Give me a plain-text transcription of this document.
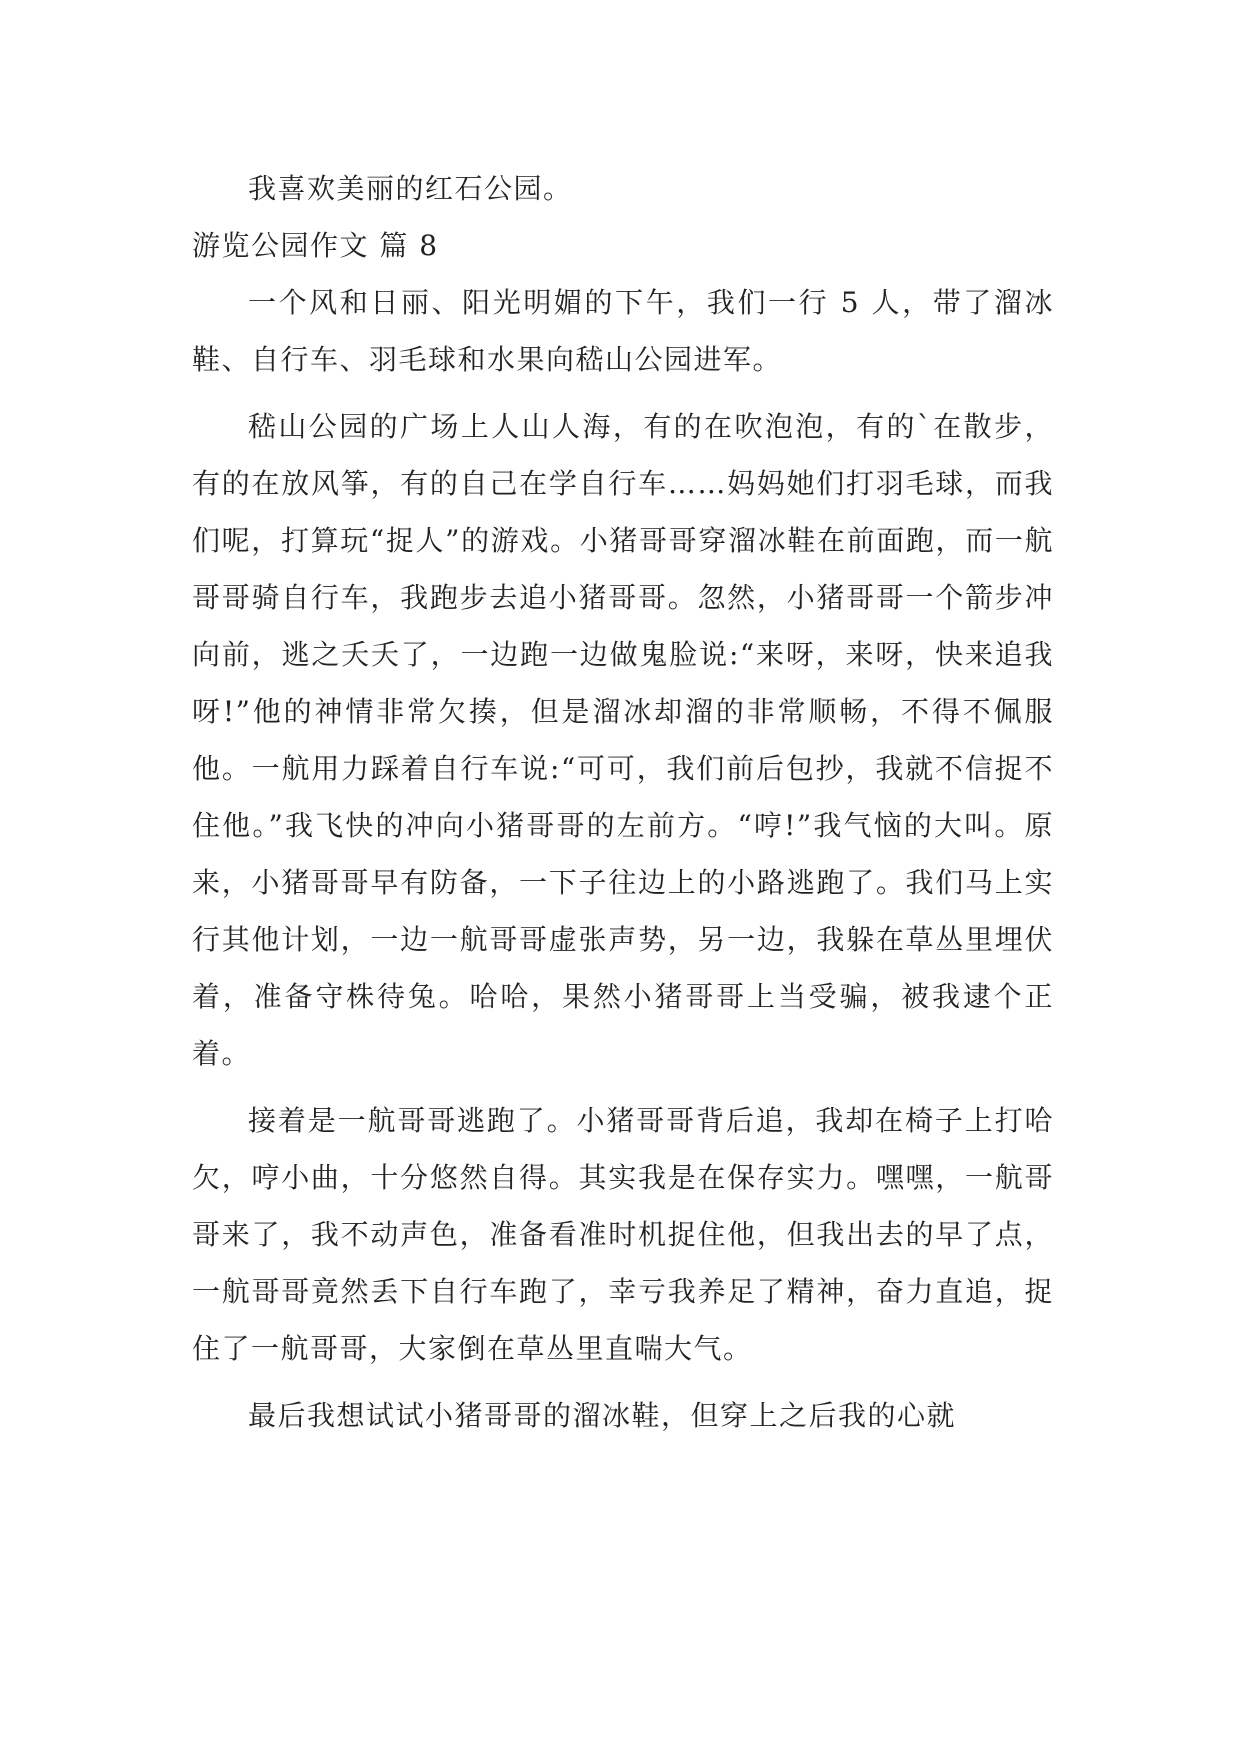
我喜欢美丽的红石公园。

游览公园作文 篇 8

一个风和日丽、阳光明媚的下午，我们一行 5 人，带了溜冰鞋、自行车、羽毛球和水果向嵇山公园进军。

嵇山公园的广场上人山人海，有的在吹泡泡，有的`在散步，有的在放风筝，有的自己在学自行车……妈妈她们打羽毛球，而我们呢，打算玩“捉人”的游戏。小猪哥哥穿溜冰鞋在前面跑，而一航哥哥骑自行车，我跑步去追小猪哥哥。忽然，小猪哥哥一个箭步冲向前，逃之夭夭了，一边跑一边做鬼脸说:“来呀，来呀，快来追我呀!”他的神情非常欠揍，但是溜冰却溜的非常顺畅，不得不佩服他。一航用力踩着自行车说:“可可，我们前后包抄，我就不信捉不住他。”我飞快的冲向小猪哥哥的左前方。“哼!”我气恼的大叫。原来，小猪哥哥早有防备，一下子往边上的小路逃跑了。我们马上实行其他计划，一边一航哥哥虚张声势，另一边，我躲在草丛里埋伏着，准备守株待兔。哈哈，果然小猪哥哥上当受骗，被我逮个正着。

接着是一航哥哥逃跑了。小猪哥哥背后追，我却在椅子上打哈欠，哼小曲，十分悠然自得。其实我是在保存实力。嘿嘿，一航哥哥来了，我不动声色，准备看准时机捉住他，但我出去的早了点，一航哥哥竟然丢下自行车跑了，幸亏我养足了精神，奋力直追，捉住了一航哥哥，大家倒在草丛里直喘大气。

最后我想试试小猪哥哥的溜冰鞋，但穿上之后我的心就
